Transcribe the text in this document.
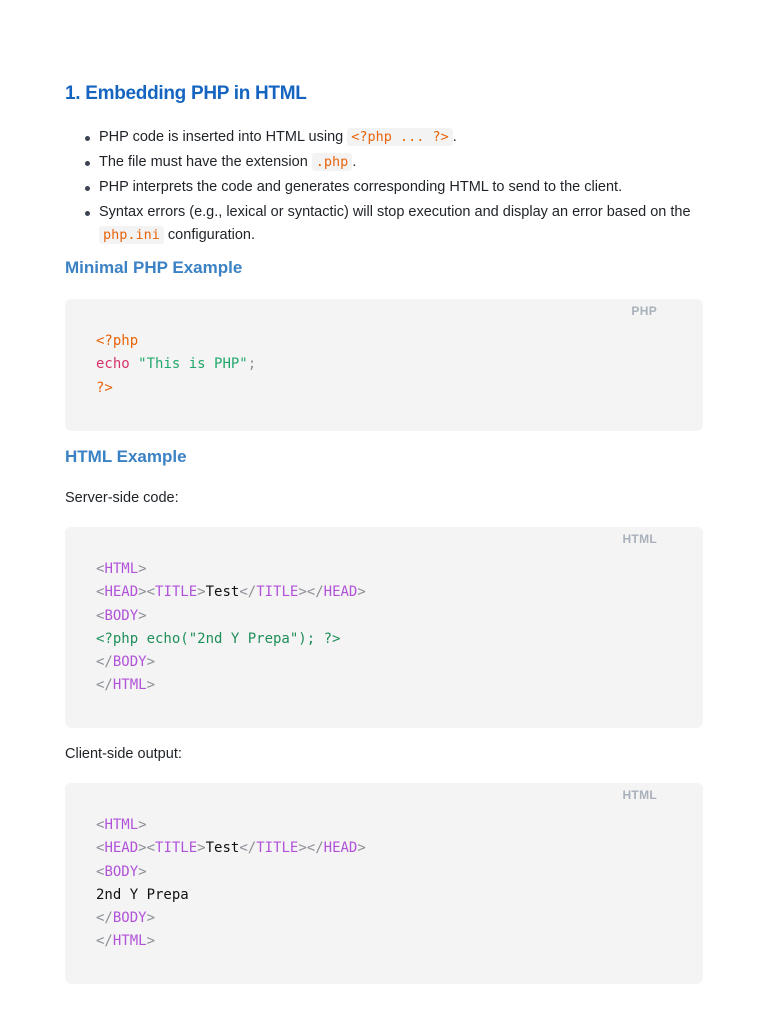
1. Embedding PHP in HTML
PHP code is inserted into HTML using <?php ... ?> .
The file must have the extension .php .
PHP interprets the code and generates corresponding HTML to send to the client.
Syntax errors (e.g., lexical or syntactic) will stop execution and display an error based on the php.ini configuration.
Minimal PHP Example
PHP
<?php
echo "This is PHP";
?>
HTML Example

Server-side code:

HTML
<HTML>
<HEAD><TITLE>Test</TITLE></HEAD>
<BODY>
<?php echo("2nd Y Prepa"); ?>
</BODY>
</HTML>

Client-side output:

HTML
<HTML>
<HEAD><TITLE>Test</TITLE></HEAD>
<BODY>
2nd Y Prepa
</BODY>
</HTML>
